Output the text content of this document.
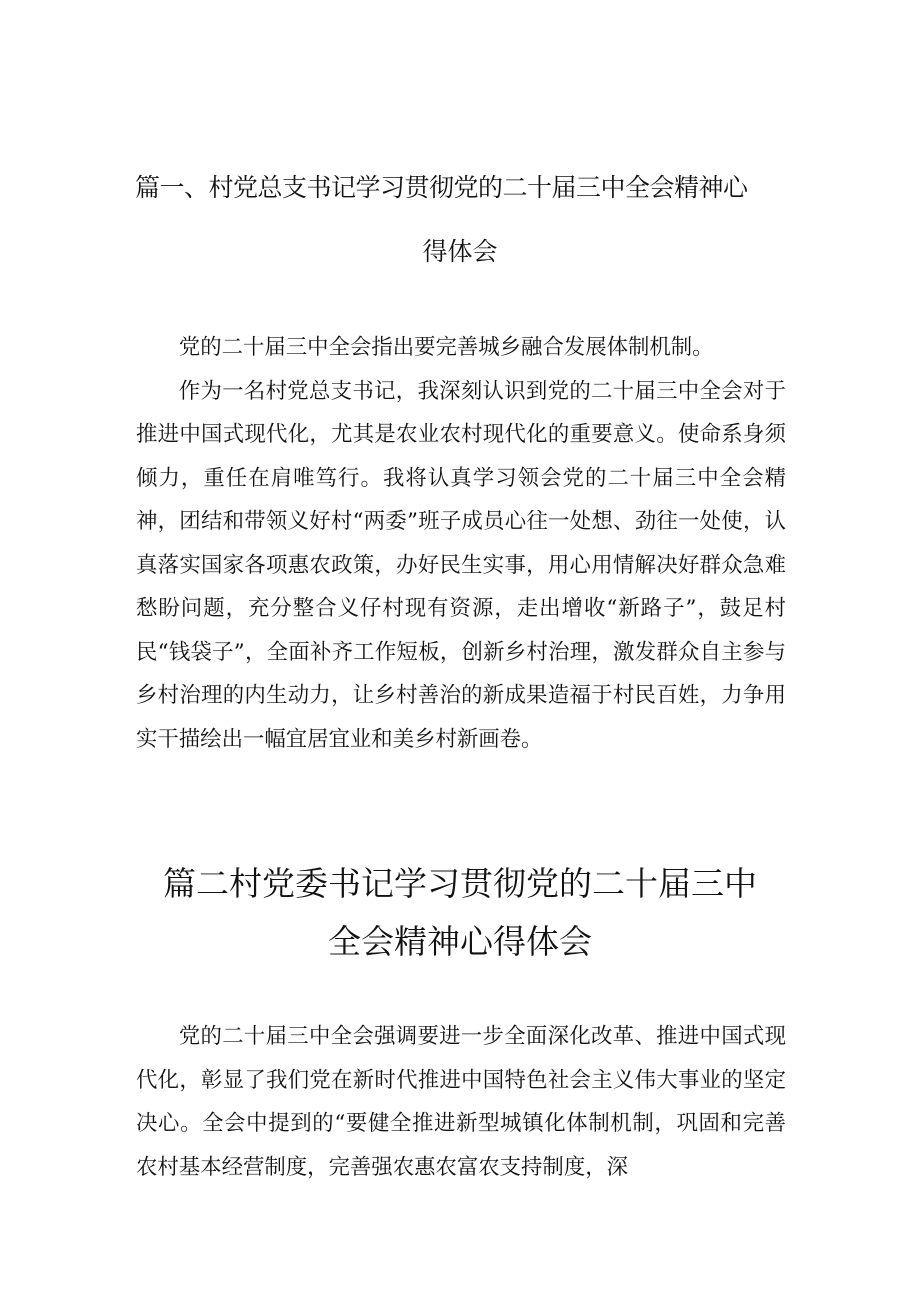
篇一、村党总支书记学习贯彻党的二十届三中全会精神心
得体会

党的二十届三中全会指出要完善城乡融合发展体制机制。

作为一名村党总支书记，我深刻认识到党的二十届三中全会对于推进中国式现代化，尤其是农业农村现代化的重要意义。使命系身须倾力，重任在肩唯笃行。我将认真学习领会党的二十届三中全会精神，团结和带领义好村“两委”班子成员心往一处想、劲往一处使，认真落实国家各项惠农政策，办好民生实事，用心用情解决好群众急难愁盼问题，充分整合义仔村现有资源，走出增收“新路子”，鼓足村民“钱袋子”，全面补齐工作短板，创新乡村治理，激发群众自主参与乡村治理的内生动力，让乡村善治的新成果造福于村民百姓，力争用实干描绘出一幅宜居宜业和美乡村新画卷。

篇二村党委书记学习贯彻党的二十届三中
全会精神心得体会

党的二十届三中全会强调要进一步全面深化改革、推进中国式现代化，彰显了我们党在新时代推进中国特色社会主义伟大事业的坚定决心。全会中提到的“要健全推进新型城镇化体制机制，巩固和完善农村基本经营制度，完善强农惠农富农支持制度，深
